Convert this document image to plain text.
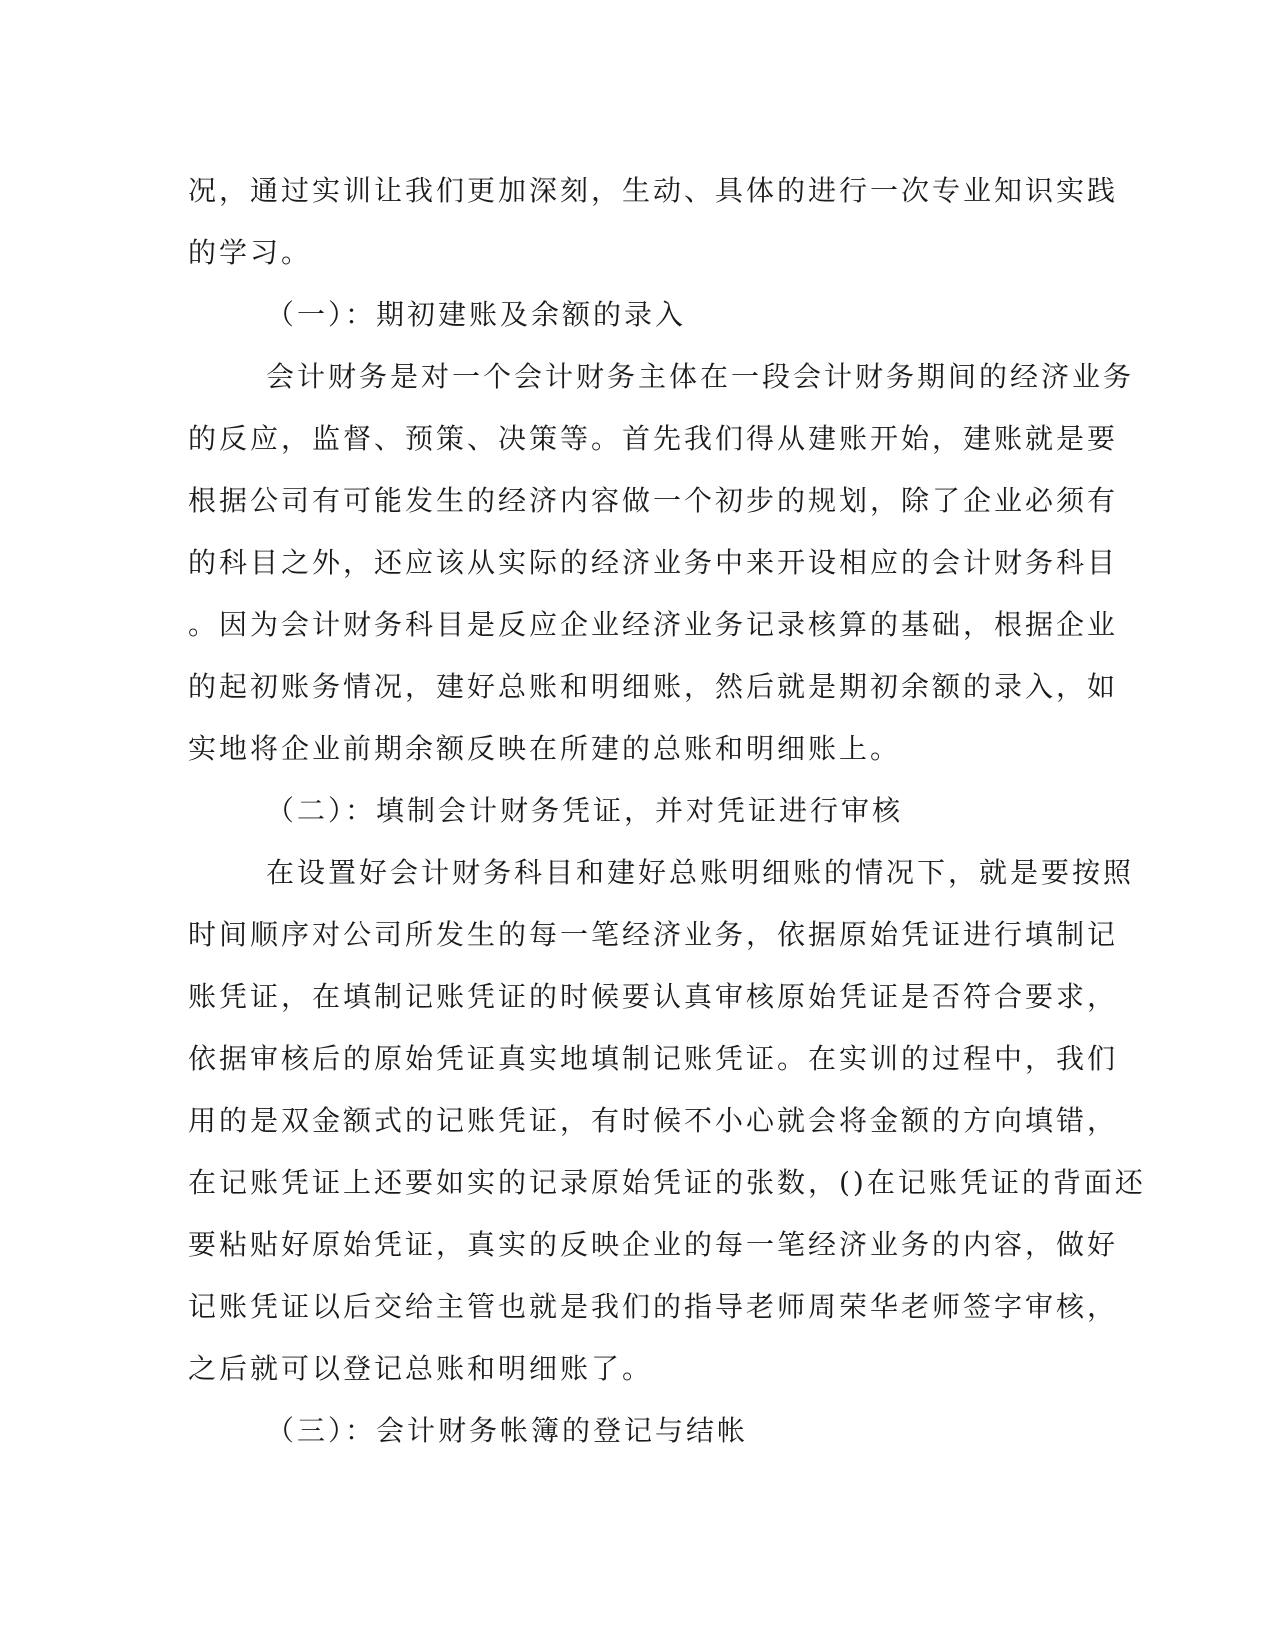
况，通过实训让我们更加深刻，生动、具体的进行一次专业知识实践
的学习。
（一）：期初建账及余额的录入
会计财务是对一个会计财务主体在一段会计财务期间的经济业务
的反应，监督、预策、决策等。首先我们得从建账开始，建账就是要
根据公司有可能发生的经济内容做一个初步的规划，除了企业必须有
的科目之外，还应该从实际的经济业务中来开设相应的会计财务科目
。因为会计财务科目是反应企业经济业务记录核算的基础，根据企业
的起初账务情况，建好总账和明细账，然后就是期初余额的录入，如
实地将企业前期余额反映在所建的总账和明细账上。
（二）：填制会计财务凭证，并对凭证进行审核
在设置好会计财务科目和建好总账明细账的情况下，就是要按照
时间顺序对公司所发生的每一笔经济业务，依据原始凭证进行填制记
账凭证，在填制记账凭证的时候要认真审核原始凭证是否符合要求，
依据审核后的原始凭证真实地填制记账凭证。在实训的过程中，我们
用的是双金额式的记账凭证，有时候不小心就会将金额的方向填错，
在记账凭证上还要如实的记录原始凭证的张数，()在记账凭证的背面还
要粘贴好原始凭证，真实的反映企业的每一笔经济业务的内容，做好
记账凭证以后交给主管也就是我们的指导老师周荣华老师签字审核，
之后就可以登记总账和明细账了。
（三）：会计财务帐簿的登记与结帐
